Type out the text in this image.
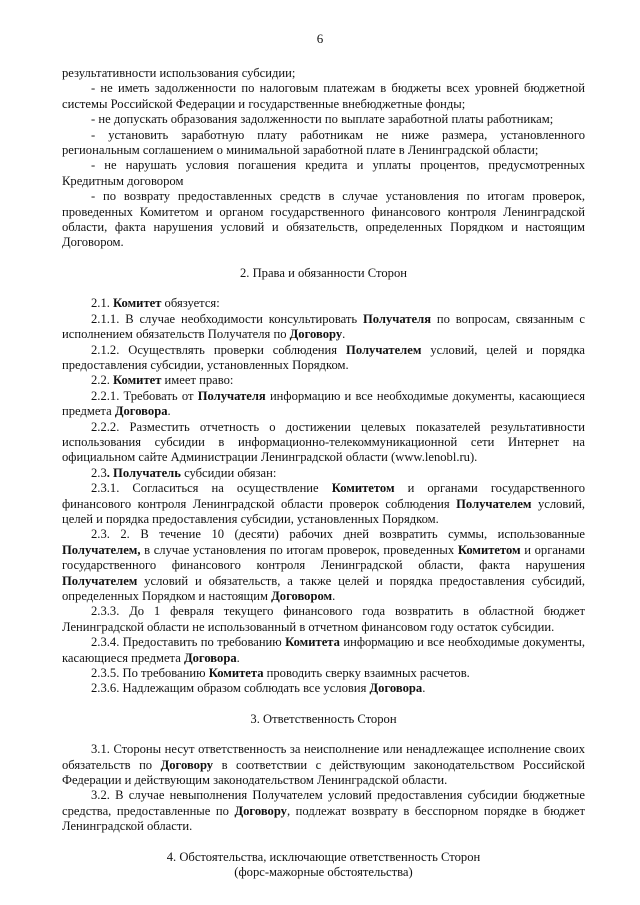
6

результативности использования субсидии;

- не иметь задолженности по налоговым платежам в бюджеты всех уровней бюджетной системы Российской Федерации и государственные внебюджетные фонды;

- не допускать образования задолженности по выплате заработной платы работникам;

- установить заработную плату работникам не ниже размера, установленного региональным соглашением о минимальной заработной плате в Ленинградской области;

- не нарушать условия погашения кредита и уплаты процентов, предусмотренных Кредитным договором

- по возврату предоставленных средств в случае установления по итогам проверок, проведенных Комитетом и органом государственного финансового контроля Ленинградской области, факта нарушения условий и обязательств, определенных Порядком и настоящим Договором.

2. Права и обязанности Сторон

2.1. Комитет обязуется:

2.1.1. В случае необходимости консультировать Получателя по вопросам, связанным с исполнением обязательств Получателя по Договору.

2.1.2. Осуществлять проверки соблюдения Получателем условий, целей и порядка предоставления субсидии, установленных Порядком.

2.2. Комитет имеет право:

2.2.1. Требовать от Получателя информацию и все необходимые документы, касающиеся предмета Договора.

2.2.2. Разместить отчетность о достижении целевых показателей результативности использования субсидии в информационно-телекоммуникационной сети Интернет на официальном сайте Администрации Ленинградской области (www.lenobl.ru).

2.3. Получатель субсидии обязан:

2.3.1. Согласиться на осуществление Комитетом и органами государственного финансового контроля Ленинградской области проверок соблюдения Получателем условий, целей и порядка предоставления субсидии, установленных Порядком.

2.3. 2. В течение 10 (десяти) рабочих дней возвратить суммы, использованные Получателем, в случае установления по итогам проверок, проведенных Комитетом и органами государственного финансового контроля Ленинградской области, факта нарушения Получателем условий и обязательств, а также целей и порядка предоставления субсидий, определенных Порядком и настоящим Договором.

2.3.3. До 1 февраля текущего финансового года возвратить в областной бюджет Ленинградской области не использованный в отчетном финансовом году остаток субсидии.

2.3.4. Предоставить по требованию Комитета информацию и все необходимые документы, касающиеся предмета Договора.

2.3.5. По требованию Комитета проводить сверку взаимных расчетов.

2.3.6. Надлежащим образом соблюдать все условия Договора.

3. Ответственность Сторон

3.1. Стороны несут ответственность за неисполнение или ненадлежащее исполнение своих обязательств по Договору в соответствии с действующим законодательством Российской Федерации и действующим законодательством Ленинградской области.

3.2. В случае невыполнения Получателем условий предоставления субсидии бюджетные средства, предоставленные по Договору, подлежат возврату в бесспорном порядке в бюджет Ленинградской области.

4. Обстоятельства, исключающие ответственность Сторон

(форс-мажорные обстоятельства)
